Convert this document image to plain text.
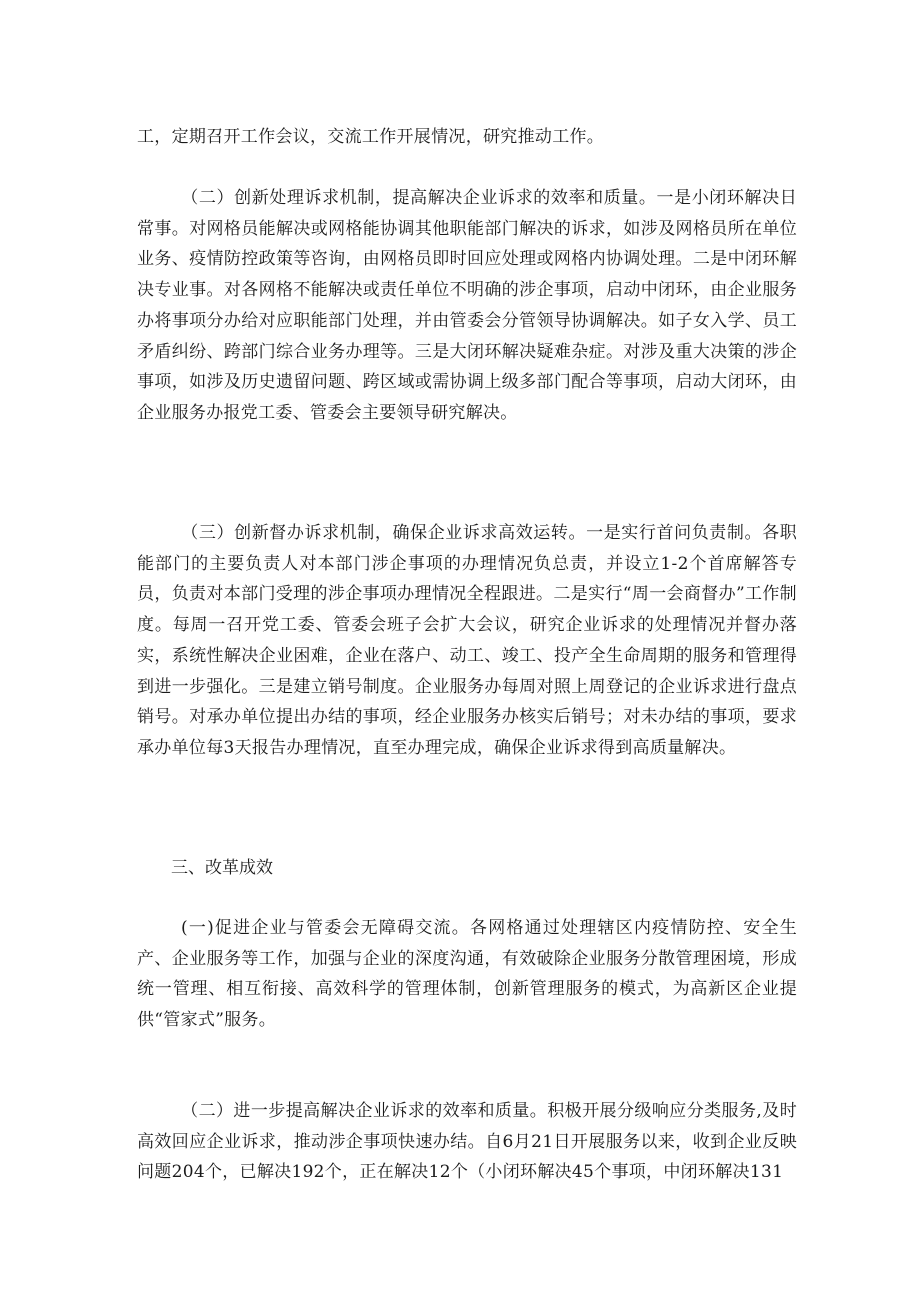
工，定期召开工作会议，交流工作开展情况，研究推动工作。
（二）创新处理诉求机制，提高解决企业诉求的效率和质量。一是小闭环解决日常事。对网格员能解决或网格能协调其他职能部门解决的诉求，如涉及网格员所在单位业务、疫情防控政策等咨询，由网格员即时回应处理或网格内协调处理。二是中闭环解决专业事。对各网格不能解决或责任单位不明确的涉企事项，启动中闭环，由企业服务办将事项分办给对应职能部门处理，并由管委会分管领导协调解决。如子女入学、员工矛盾纠纷、跨部门综合业务办理等。三是大闭环解决疑难杂症。对涉及重大决策的涉企事项，如涉及历史遗留问题、跨区域或需协调上级多部门配合等事项，启动大闭环，由企业服务办报党工委、管委会主要领导研究解决。
（三）创新督办诉求机制，确保企业诉求高效运转。一是实行首问负责制。各职能部门的主要负责人对本部门涉企事项的办理情况负总责，并设立1-2个首席解答专员，负责对本部门受理的涉企事项办理情况全程跟进。二是实行“周一会商督办”工作制度。每周一召开党工委、管委会班子会扩大会议，研究企业诉求的处理情况并督办落实，系统性解决企业困难，企业在落户、动工、竣工、投产全生命周期的服务和管理得到进一步强化。三是建立销号制度。企业服务办每周对照上周登记的企业诉求进行盘点销号。对承办单位提出办结的事项，经企业服务办核实后销号；对未办结的事项，要求承办单位每3天报告办理情况，直至办理完成，确保企业诉求得到高质量解决。
三、改革成效
(一)促进企业与管委会无障碍交流。各网格通过处理辖区内疫情防控、安全生产、企业服务等工作，加强与企业的深度沟通，有效破除企业服务分散管理困境，形成统一管理、相互衔接、高效科学的管理体制，创新管理服务的模式，为高新区企业提供“管家式”服务。
（二）进一步提高解决企业诉求的效率和质量。积极开展分级响应分类服务,及时高效回应企业诉求，推动涉企事项快速办结。自6月21日开展服务以来，收到企业反映问题204个，已解决192个，正在解决12个（小闭环解决45个事项，中闭环解决131
